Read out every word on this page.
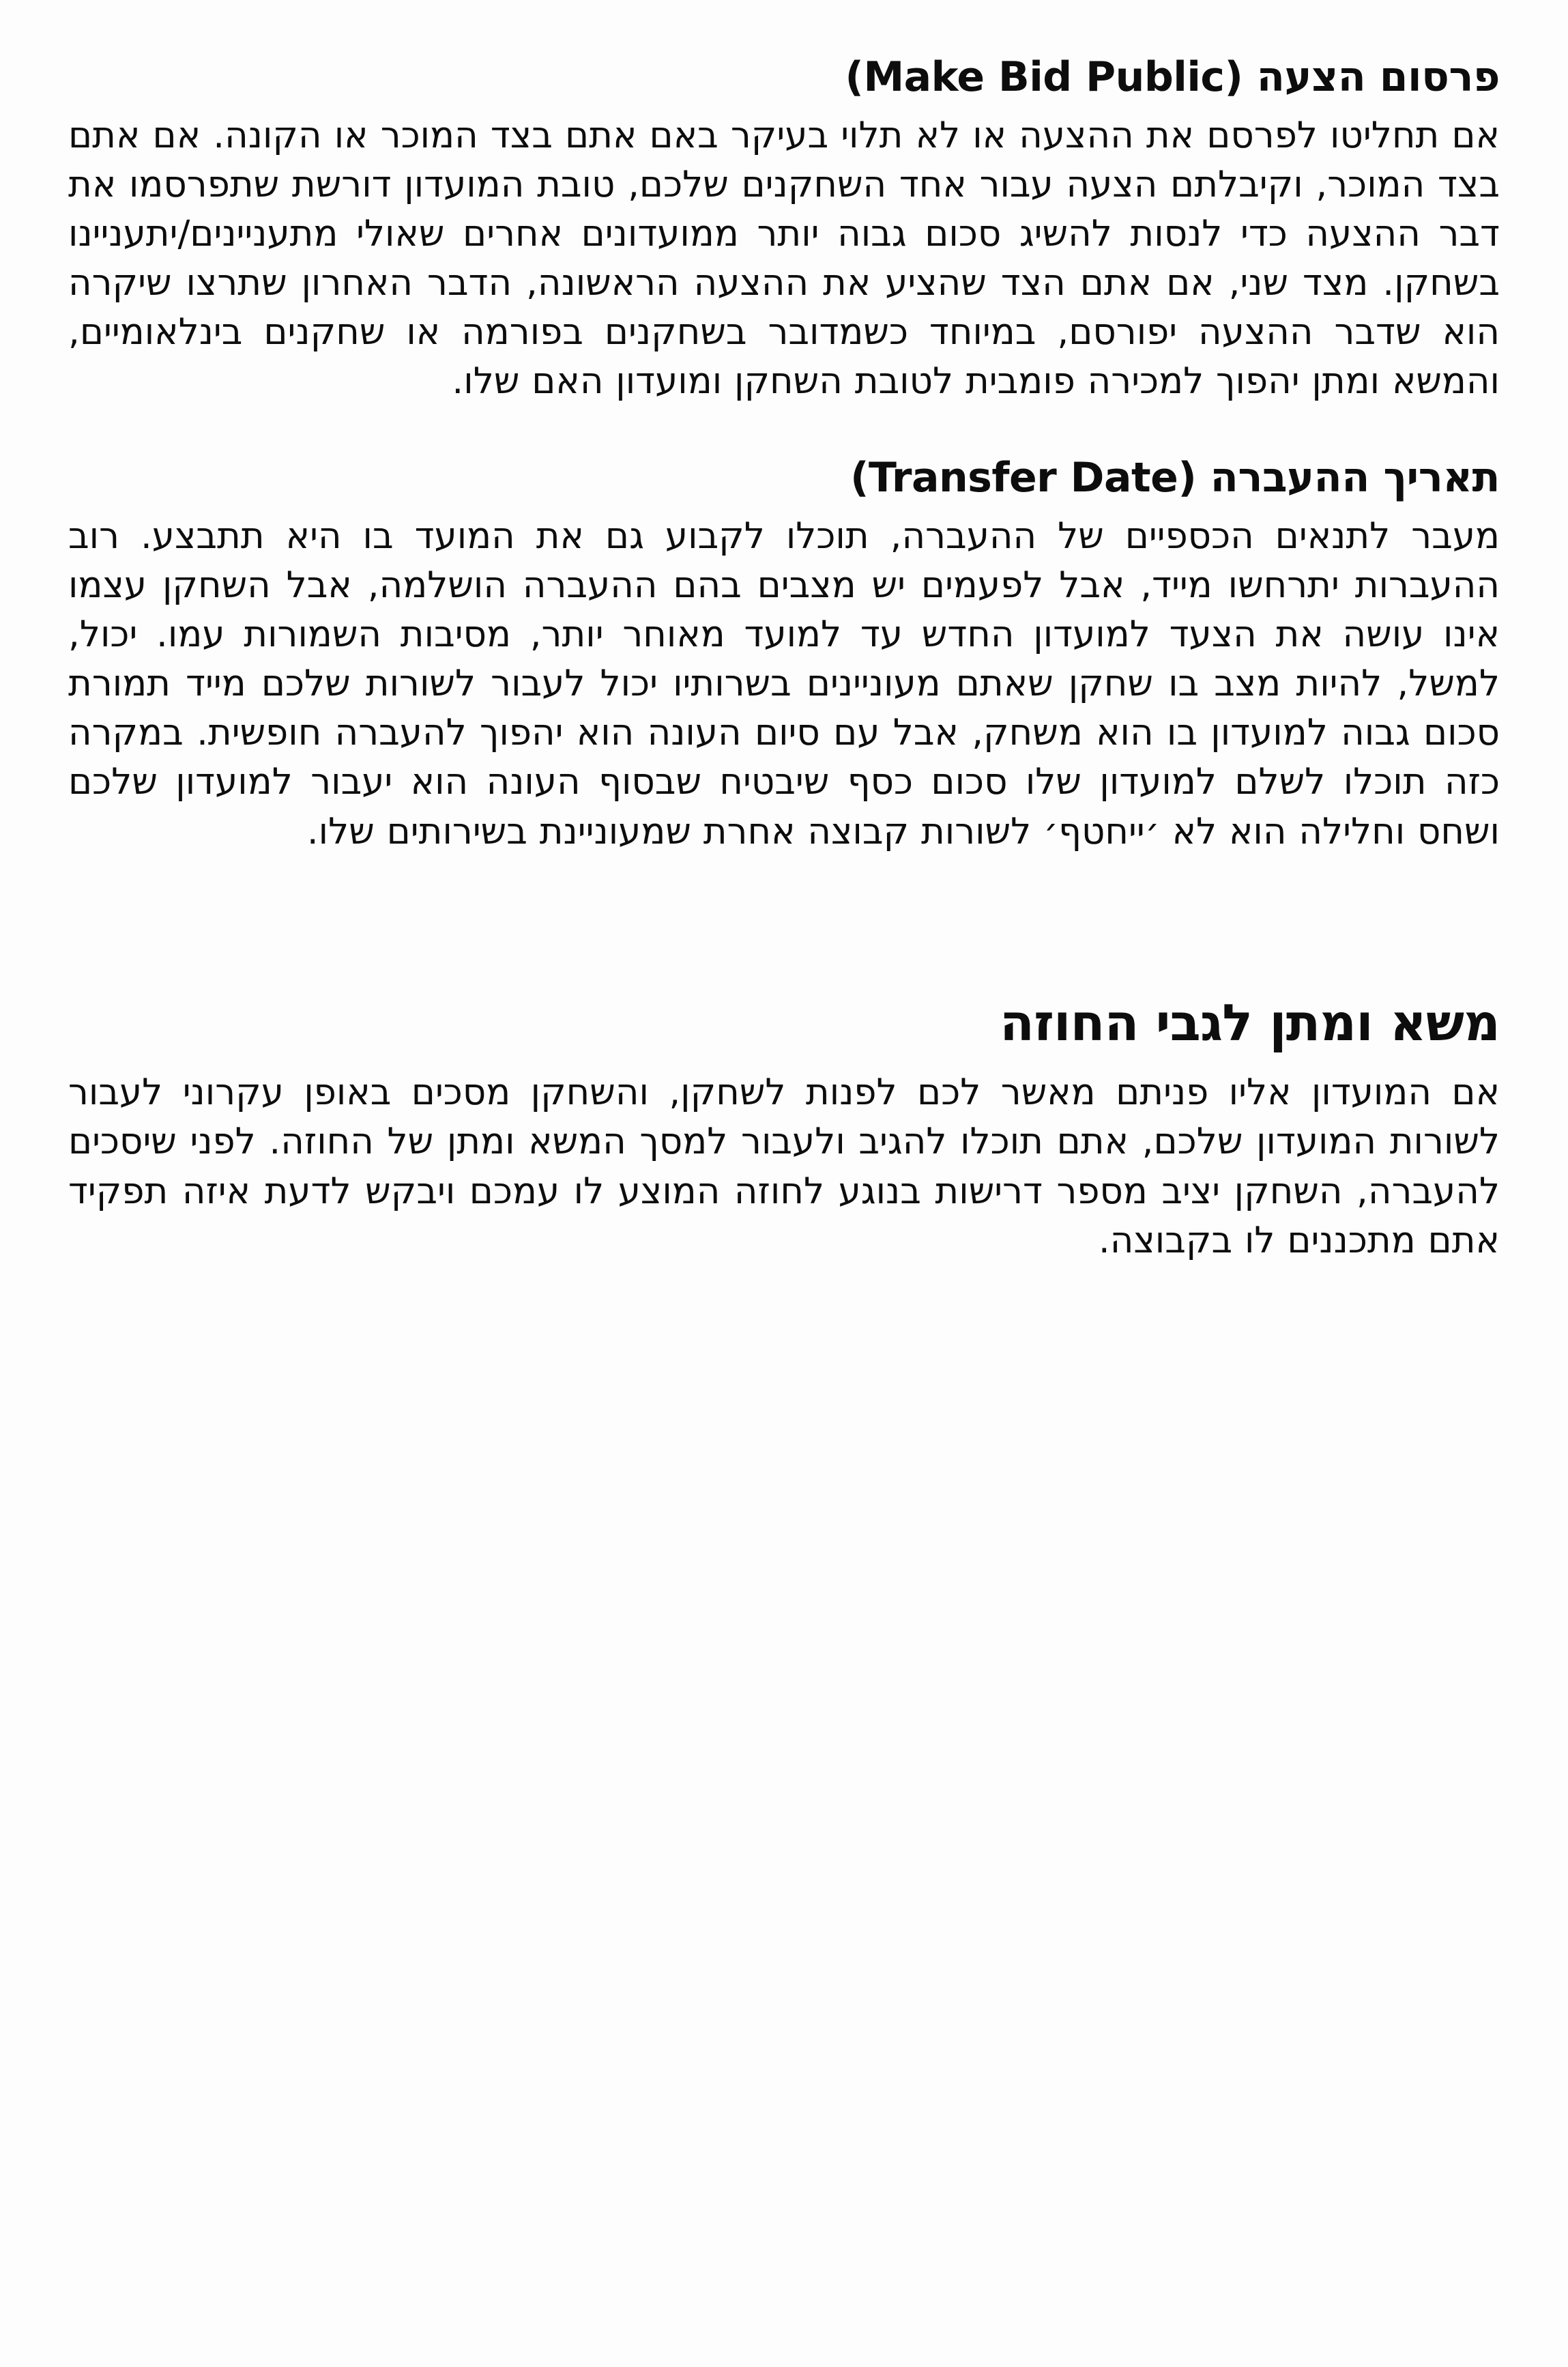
פרסום הצעה (Make Bid Public)

אם תחליטו לפרסם את ההצעה או לא תלוי בעיקר באם אתם בצד המוכר או הקונה. אם אתם בצד המוכר, וקיבלתם הצעה עבור אחד השחקנים שלכם, טובת המועדון דורשת שתפרסמו את דבר ההצעה כדי לנסות להשיג סכום גבוה יותר ממועדונים אחרים שאולי מתעניינים/יתעניינו בשחקן. מצד שני, אם אתם הצד שהציע את ההצעה הראשונה, הדבר האחרון שתרצו שיקרה הוא שדבר ההצעה יפורסם, במיוחד כשמדובר בשחקנים בפורמה או שחקנים בינלאומיים, והמשא ומתן יהפוך למכירה פומבית לטובת השחקן ומועדון האם שלו.

תאריך ההעברה (Transfer Date)

מעבר לתנאים הכספיים של ההעברה, תוכלו לקבוע גם את המועד בו היא תתבצע. רוב ההעברות יתרחשו מייד, אבל לפעמים יש מצבים בהם ההעברה הושלמה, אבל השחקן עצמו אינו עושה את הצעד למועדון החדש עד למועד מאוחר יותר, מסיבות השמורות עמו. יכול, למשל, להיות מצב בו שחקן שאתם מעוניינים בשרותיו יכול לעבור לשורות שלכם מייד תמורת סכום גבוה למועדון בו הוא משחק, אבל עם סיום העונה הוא יהפוך להעברה חופשית. במקרה כזה תוכלו לשלם למועדון שלו סכום כסף שיבטיח שבסוף העונה הוא יעבור למועדון שלכם ושחס וחלילה הוא לא ׳ייחטף׳ לשורות קבוצה אחרת שמעוניינת בשירותים שלו.

משא ומתן לגבי החוזה

אם המועדון אליו פניתם מאשר לכם לפנות לשחקן, והשחקן מסכים באופן עקרוני לעבור לשורות המועדון שלכם, אתם תוכלו להגיב ולעבור למסך המשא ומתן של החוזה. לפני שיסכים להעברה, השחקן יציב מספר דרישות בנוגע לחוזה המוצע לו עמכם ויבקש לדעת איזה תפקיד אתם מתכננים לו בקבוצה.
